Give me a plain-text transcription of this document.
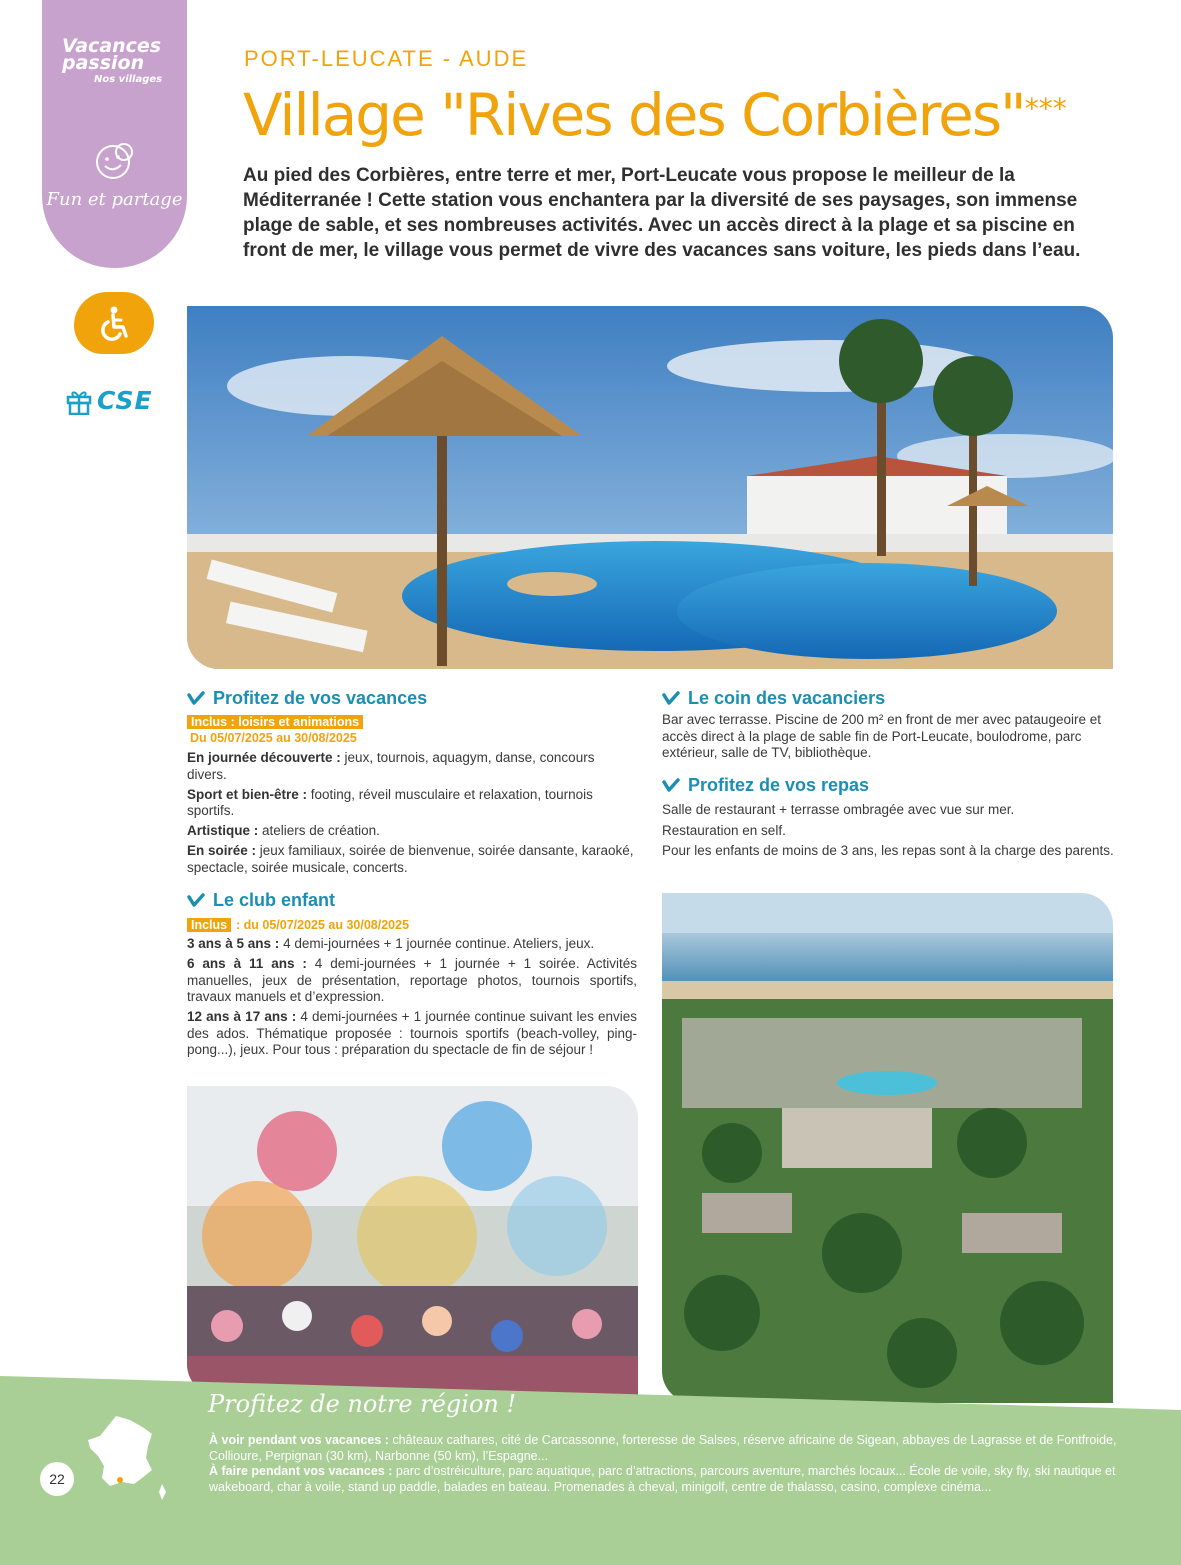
Vacances passion
Nos villages
Fun et partage
CSE
PORT-LEUCATE - AUDE
Village "Rives des Corbières"***
Au pied des Corbières, entre terre et mer, Port-Leucate vous propose le meilleur de la Méditerranée ! Cette station vous enchantera par la diversité de ses paysages, son immense plage de sable, et ses nombreuses activités. Avec un accès direct à la plage et sa piscine en front de mer, le village vous permet de vivre des vacances sans voiture, les pieds dans l’eau.
Profitez de vos vacances
Inclus : loisirs et animations
Du 05/07/2025 au 30/08/2025

En journée découverte : jeux, tournois, aquagym, danse, concours divers.

Sport et bien-être : footing, réveil musculaire et relaxation, tournois sportifs.

Artistique : ateliers de création.

En soirée : jeux familiaux, soirée de bienvenue, soirée dansante, karaoké, spectacle, soirée musicale, concerts.

Le club enfant
Inclus : du 05/07/2025 au 30/08/2025

3 ans à 5 ans : 4 demi-journées + 1 journée continue. Ateliers, jeux.

6 ans à 11 ans : 4 demi-journées + 1 journée + 1 soirée. Activités manuelles, jeux de présentation, reportage photos, tournois sportifs, travaux manuels et d’expression.

12 ans à 17 ans : 4 demi-journées + 1 journée continue suivant les envies des ados. Thématique proposée : tournois sportifs (beach-volley, ping-pong...), jeux. Pour tous : préparation du spectacle de fin de séjour !

Le coin des vacanciers
Bar avec terrasse. Piscine de 200 m² en front de mer avec pataugeoire et accès direct à la plage de sable fin de Port-Leucate, boulodrome, parc extérieur, salle de TV, bibliothèque.
Profitez de vos repas
Salle de restaurant + terrasse ombragée avec vue sur mer.
Restauration en self.
Pour les enfants de moins de 3 ans, les repas sont à la charge des parents.
Profitez de notre région !

À voir pendant vos vacances : châteaux cathares, cité de Carcassonne, forteresse de Salses, réserve africaine de Sigean, abbayes de Lagrasse et de Fontfroide, Collioure, Perpignan (30 km), Narbonne (50 km), l’Espagne...

À faire pendant vos vacances : parc d’ostréiculture, parc aquatique, parc d’attractions, parcours aventure, marchés locaux... École de voile, sky fly, ski nautique et wakeboard, char à voile, stand up paddle, balades en bateau. Promenades à cheval, minigolf, centre de thalasso, casino, complexe cinéma...

22
